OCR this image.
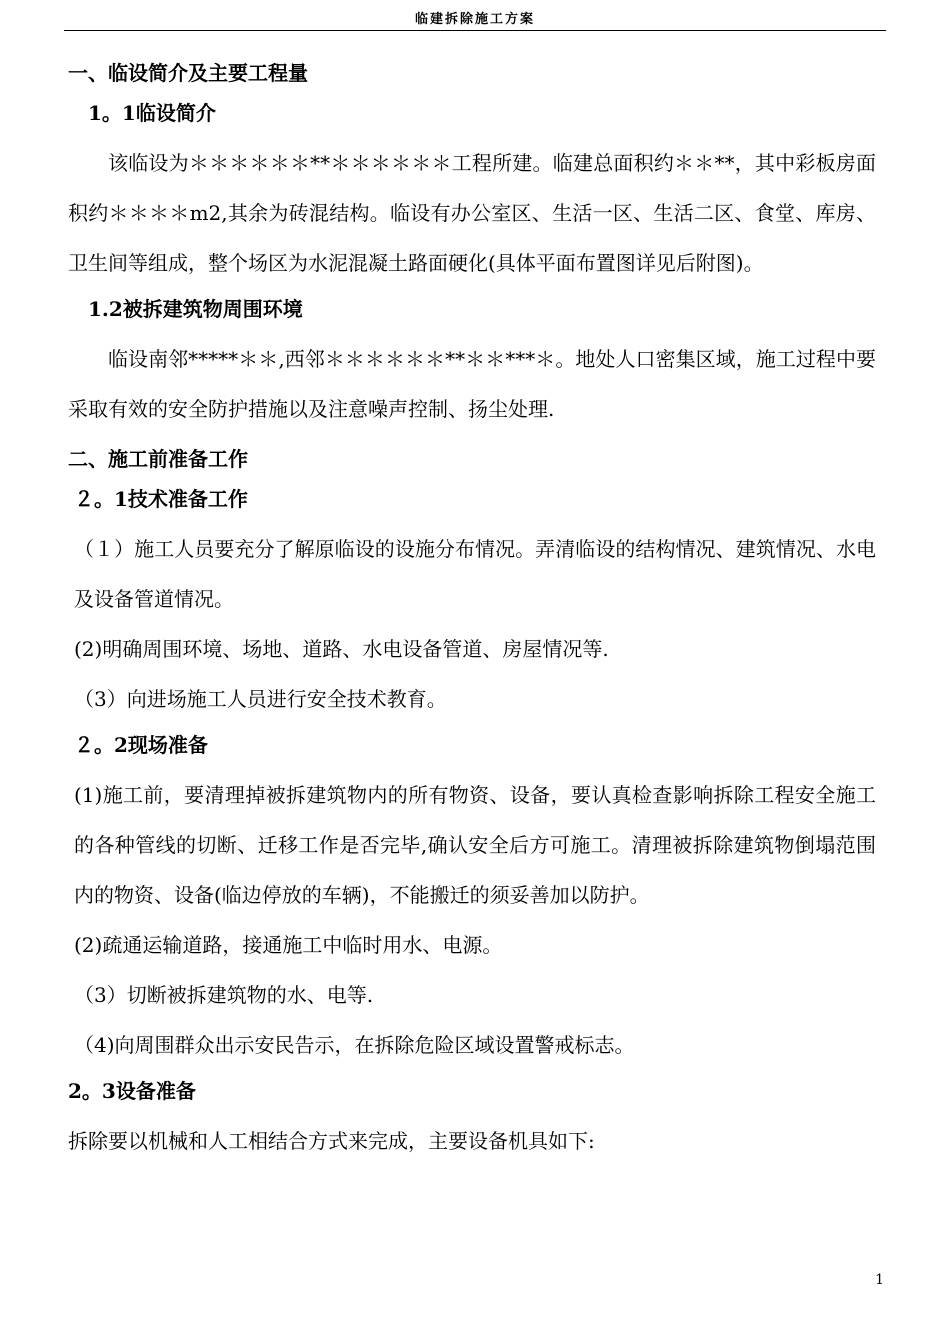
临建拆除施工方案
一、临设简介及主要工程量
1。1临设简介

该临设为＊＊＊＊＊＊**＊＊＊＊＊＊工程所建。临建总面积约＊＊**，其中彩板房面积约＊＊＊＊m2,其余为砖混结构。临设有办公室区、生活一区、生活二区、食堂、库房、卫生间等组成，整个场区为水泥混凝土路面硬化(具体平面布置图详见后附图)。

1.2被拆建筑物周围环境

临设南邻*****＊＊,西邻＊＊＊＊＊＊**＊＊***＊。地处人口密集区域，施工过程中要采取有效的安全防护措施以及注意噪声控制、扬尘处理.

二、施工前准备工作
２。1技术准备工作

（１）施工人员要充分了解原临设的设施分布情况。弄清临设的结构情况、建筑情况、水电及设备管道情况。

(2)明确周围环境、场地、道路、水电设备管道、房屋情况等.

（3）向进场施工人员进行安全技术教育。

２。2现场准备

(1)施工前，要清理掉被拆建筑物内的所有物资、设备，要认真检查影响拆除工程安全施工的各种管线的切断、迁移工作是否完毕,确认安全后方可施工。清理被拆除建筑物倒塌范围内的物资、设备(临边停放的车辆)，不能搬迁的须妥善加以防护。

(2)疏通运输道路，接通施工中临时用水、电源。

（3）切断被拆建筑物的水、电等.

（4)向周围群众出示安民告示，在拆除危险区域设置警戒标志。

2。3设备准备

拆除要以机械和人工相结合方式来完成，主要设备机具如下:

1
